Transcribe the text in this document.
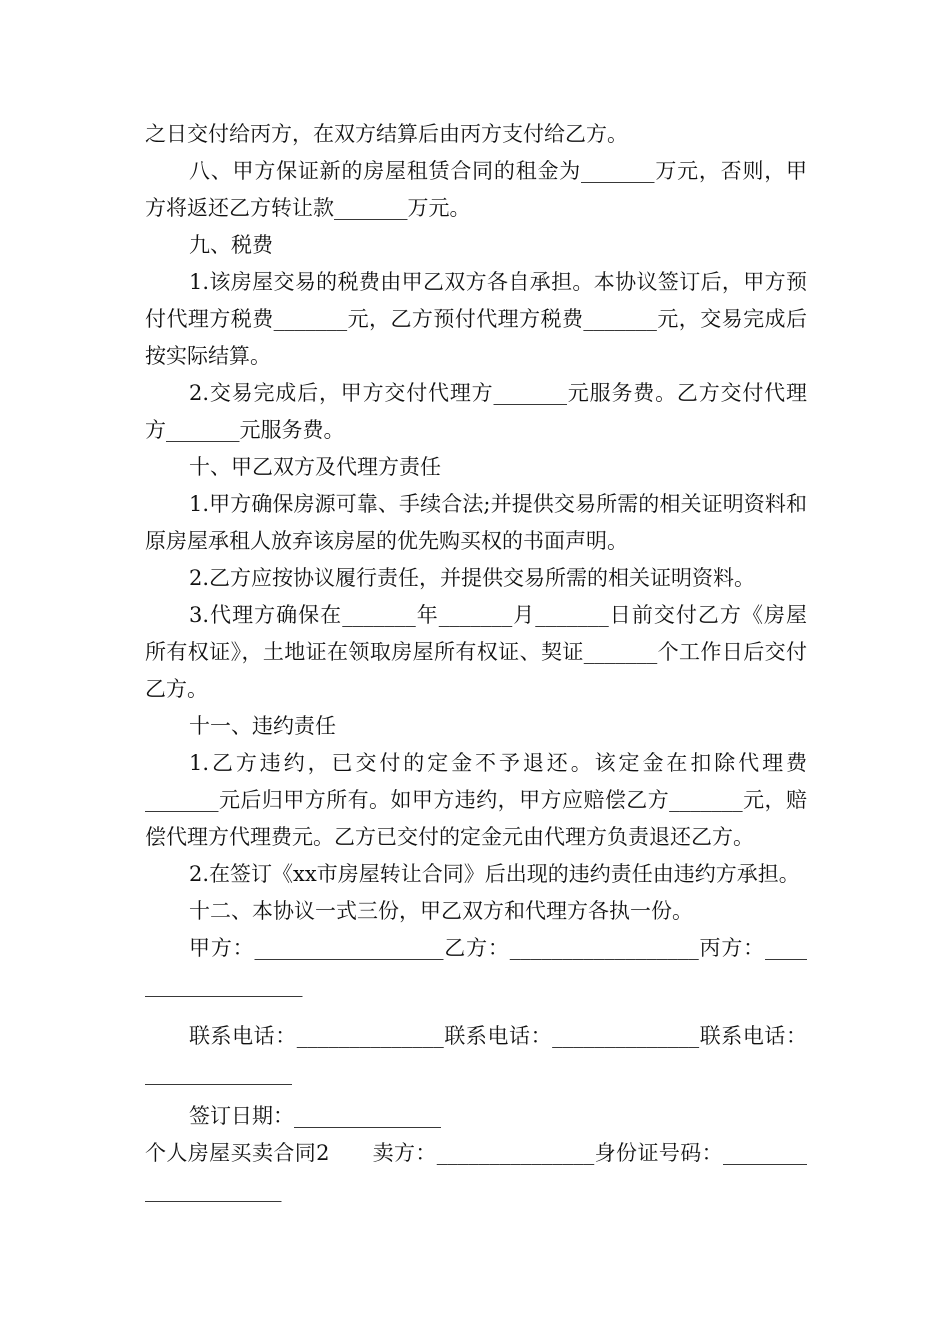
之日交付给丙方，在双方结算后由丙方支付给乙方。

八、甲方保证新的房屋租赁合同的租金为_______万元，否则，甲方将返还乙方转让款_______万元。

九、税费

1.该房屋交易的税费由甲乙双方各自承担。本协议签订后，甲方预付代理方税费_______元，乙方预付代理方税费_______元，交易完成后按实际结算。

2.交易完成后，甲方交付代理方_______元服务费。乙方交付代理方_______元服务费。

十、甲乙双方及代理方责任

1.甲方确保房源可靠、手续合法;并提供交易所需的相关证明资料和原房屋承租人放弃该房屋的优先购买权的书面声明。

2.乙方应按协议履行责任，并提供交易所需的相关证明资料。

3.代理方确保在_______年_______月_______日前交付乙方《房屋所有权证》，土地证在领取房屋所有权证、契证_______个工作日后交付乙方。

十一、违约责任

1.乙方违约，已交付的定金不予退还。该定金在扣除代理费_______元后归甲方所有。如甲方违约，甲方应赔偿乙方_______元，赔偿代理方代理费元。乙方已交付的定金元由代理方负责退还乙方。

2.在签订《xx市房屋转让合同》后出现的违约责任由违约方承担。

十二、本协议一式三份，甲乙双方和代理方各执一份。

甲方：__________________乙方：__________________丙方：___________________

联系电话：______________联系电话：______________联系电话：______________

签订日期：______________

个人房屋买卖合同2　　卖方：_______________身份证号码：_____________________
